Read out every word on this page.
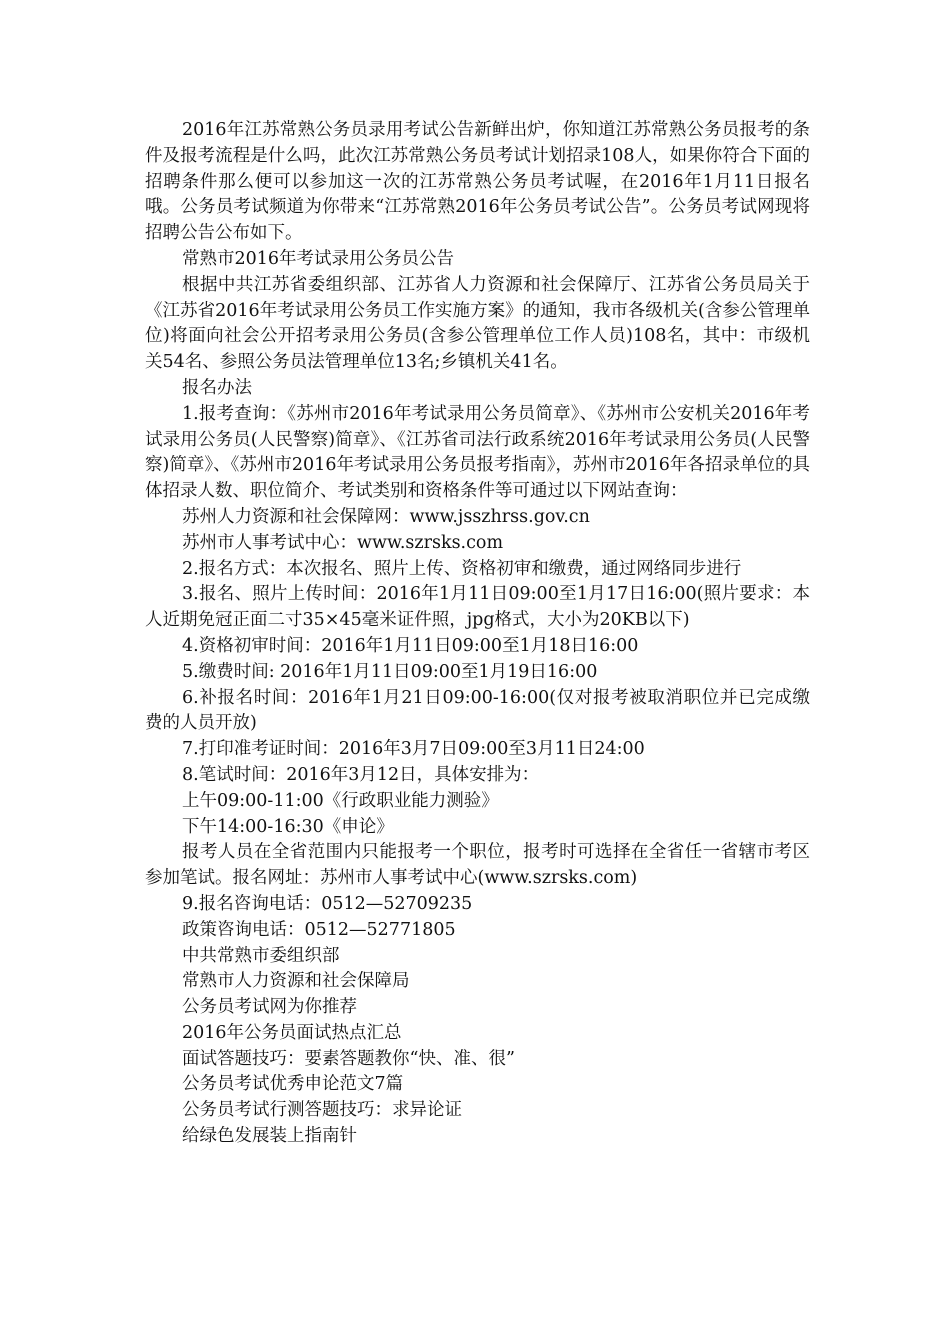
2016年江苏常熟公务员录用考试公告新鲜出炉，你知道江苏常熟公务员报考的条件及报考流程是什么吗，此次江苏常熟公务员考试计划招录108人，如果你符合下面的招聘条件那么便可以参加这一次的江苏常熟公务员考试喔，在2016年1月11日报名哦。公务员考试频道为你带来“江苏常熟2016年公务员考试公告”。公务员考试网现将招聘公告公布如下。

常熟市2016年考试录用公务员公告

根据中共江苏省委组织部、江苏省人力资源和社会保障厅、江苏省公务员局关于《江苏省2016年考试录用公务员工作实施方案》的通知，我市各级机关(含参公管理单位)将面向社会公开招考录用公务员(含参公管理单位工作人员)108名，其中：市级机关54名、参照公务员法管理单位13名;乡镇机关41名。

报名办法

1.报考查询：《苏州市2016年考试录用公务员简章》、《苏州市公安机关2016年考试录用公务员(人民警察)简章》、《江苏省司法行政系统2016年考试录用公务员(人民警察)简章》、《苏州市2016年考试录用公务员报考指南》，苏州市2016年各招录单位的具体招录人数、职位简介、考试类别和资格条件等可通过以下网站查询：

苏州人力资源和社会保障网：www.jsszhrss.gov.cn

苏州市人事考试中心：www.szrsks.com

2.报名方式：本次报名、照片上传、资格初审和缴费，通过网络同步进行

3.报名、照片上传时间：2016年1月11日09:00至1月17日16:00(照片要求：本人近期免冠正面二寸35×45毫米证件照，jpg格式，大小为20KB以下)

4.资格初审时间：2016年1月11日09:00至1月18日16:00

5.缴费时间: 2016年1月11日09:00至1月19日16:00

6.补报名时间：2016年1月21日09:00-16:00(仅对报考被取消职位并已完成缴费的人员开放)

7.打印准考证时间：2016年3月7日09:00至3月11日24:00

8.笔试时间：2016年3月12日，具体安排为：

上午09:00-11:00《行政职业能力测验》

下午14:00-16:30《申论》

报考人员在全省范围内只能报考一个职位，报考时可选择在全省任一省辖市考区参加笔试。报名网址：苏州市人事考试中心(www.szrsks.com)

9.报名咨询电话：0512—52709235

政策咨询电话：0512—52771805

中共常熟市委组织部

常熟市人力资源和社会保障局

公务员考试网为你推荐

2016年公务员面试热点汇总

面试答题技巧：要素答题教你“快、准、很”

公务员考试优秀申论范文7篇

公务员考试行测答题技巧：求异论证

给绿色发展装上指南针
